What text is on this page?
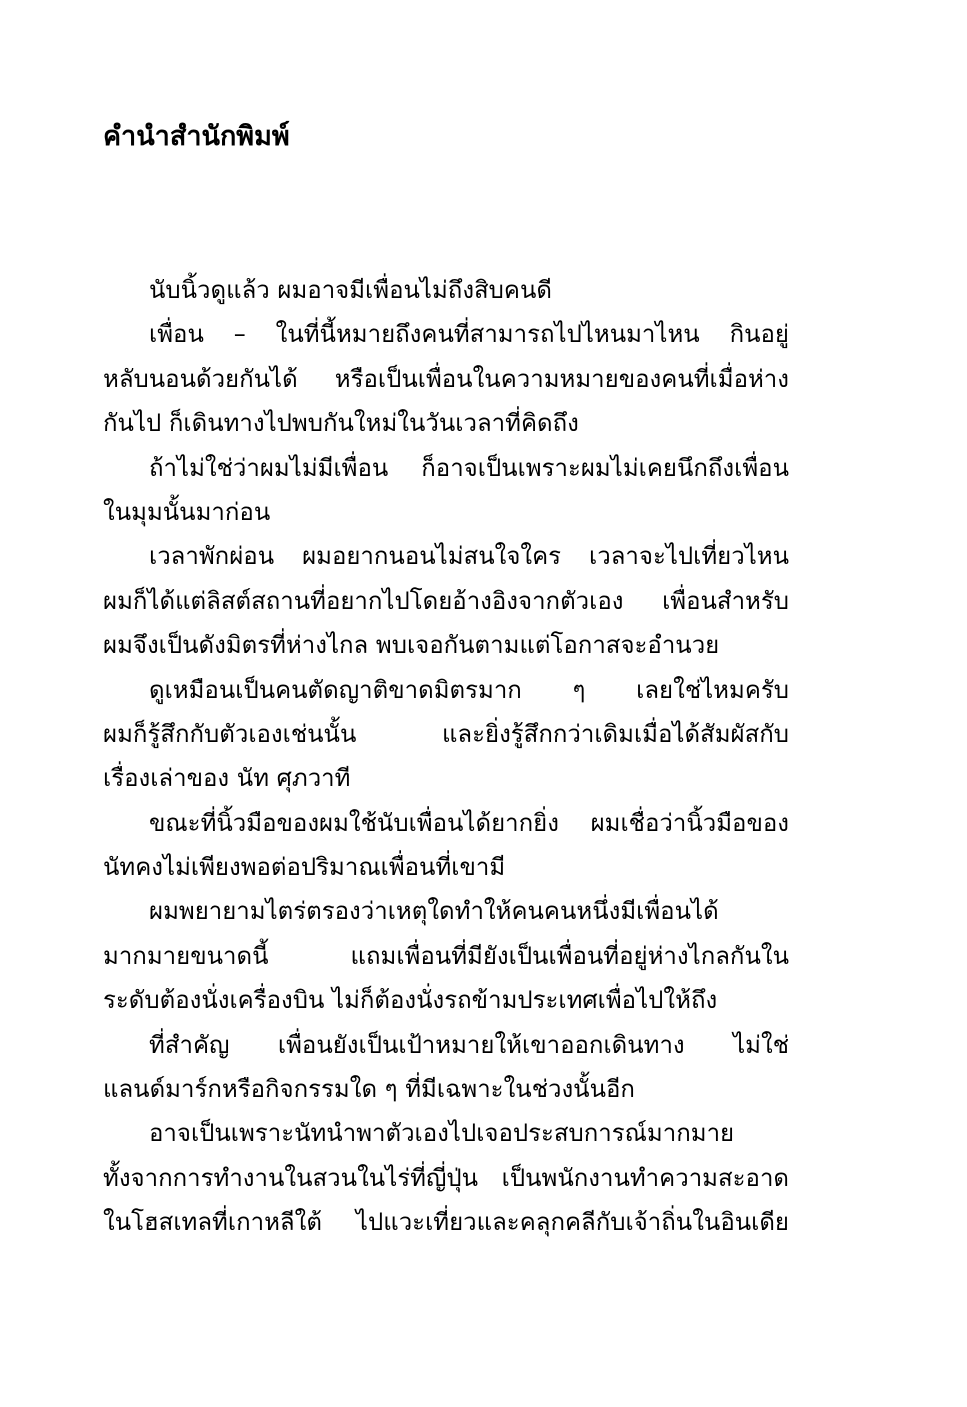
คำนำสำนักพิมพ์
นับนิ้วดูแล้ว ผมอาจมีเพื่อนไม่ถึงสิบคนดี
เพื่อน – ในที่นี้หมายถึงคนที่สามารถไปไหนมาไหน กินอยู่
หลับนอนด้วยกันได้ หรือเป็นเพื่อนในความหมายของคนที่เมื่อห่าง
กันไป ก็เดินทางไปพบกันใหม่ในวันเวลาที่คิดถึง
ถ้าไม่ใช่ว่าผมไม่มีเพื่อน ก็อาจเป็นเพราะผมไม่เคยนึกถึงเพื่อน
ในมุมนั้นมาก่อน
เวลาพักผ่อน ผมอยากนอนไม่สนใจใคร เวลาจะไปเที่ยวไหน
ผมก็ได้แต่ลิสต์สถานที่อยากไปโดยอ้างอิงจากตัวเอง เพื่อนสำหรับ
ผมจึงเป็นดังมิตรที่ห่างไกล พบเจอกันตามแต่โอกาสจะอำนวย
ดูเหมือนเป็นคนตัดญาติขาดมิตรมาก ๆ เลยใช่ไหมครับ
ผมก็รู้สึกกับตัวเองเช่นนั้น และยิ่งรู้สึกกว่าเดิมเมื่อได้สัมผัสกับ
เรื่องเล่าของ นัท ศุภวาที
ขณะที่นิ้วมือของผมใช้นับเพื่อนได้ยากยิ่ง ผมเชื่อว่านิ้วมือของ
นัทคงไม่เพียงพอต่อปริมาณเพื่อนที่เขามี
ผมพยายามไตร่ตรองว่าเหตุใดทำให้คนคนหนึ่งมีเพื่อนได้
มากมายขนาดนี้ แถมเพื่อนที่มียังเป็นเพื่อนที่อยู่ห่างไกลกันใน
ระดับต้องนั่งเครื่องบิน ไม่ก็ต้องนั่งรถข้ามประเทศเพื่อไปให้ถึง
ที่สำคัญ เพื่อนยังเป็นเป้าหมายให้เขาออกเดินทาง ไม่ใช่
แลนด์มาร์กหรือกิจกรรมใด ๆ ที่มีเฉพาะในช่วงนั้นอีก
อาจเป็นเพราะนัทนำพาตัวเองไปเจอประสบการณ์มากมาย
ทั้งจากการทำงานในสวนในไร่ที่ญี่ปุ่น เป็นพนักงานทำความสะอาด
ในโฮสเทลที่เกาหลีใต้ ไปแวะเที่ยวและคลุกคลีกับเจ้าถิ่นในอินเดีย
